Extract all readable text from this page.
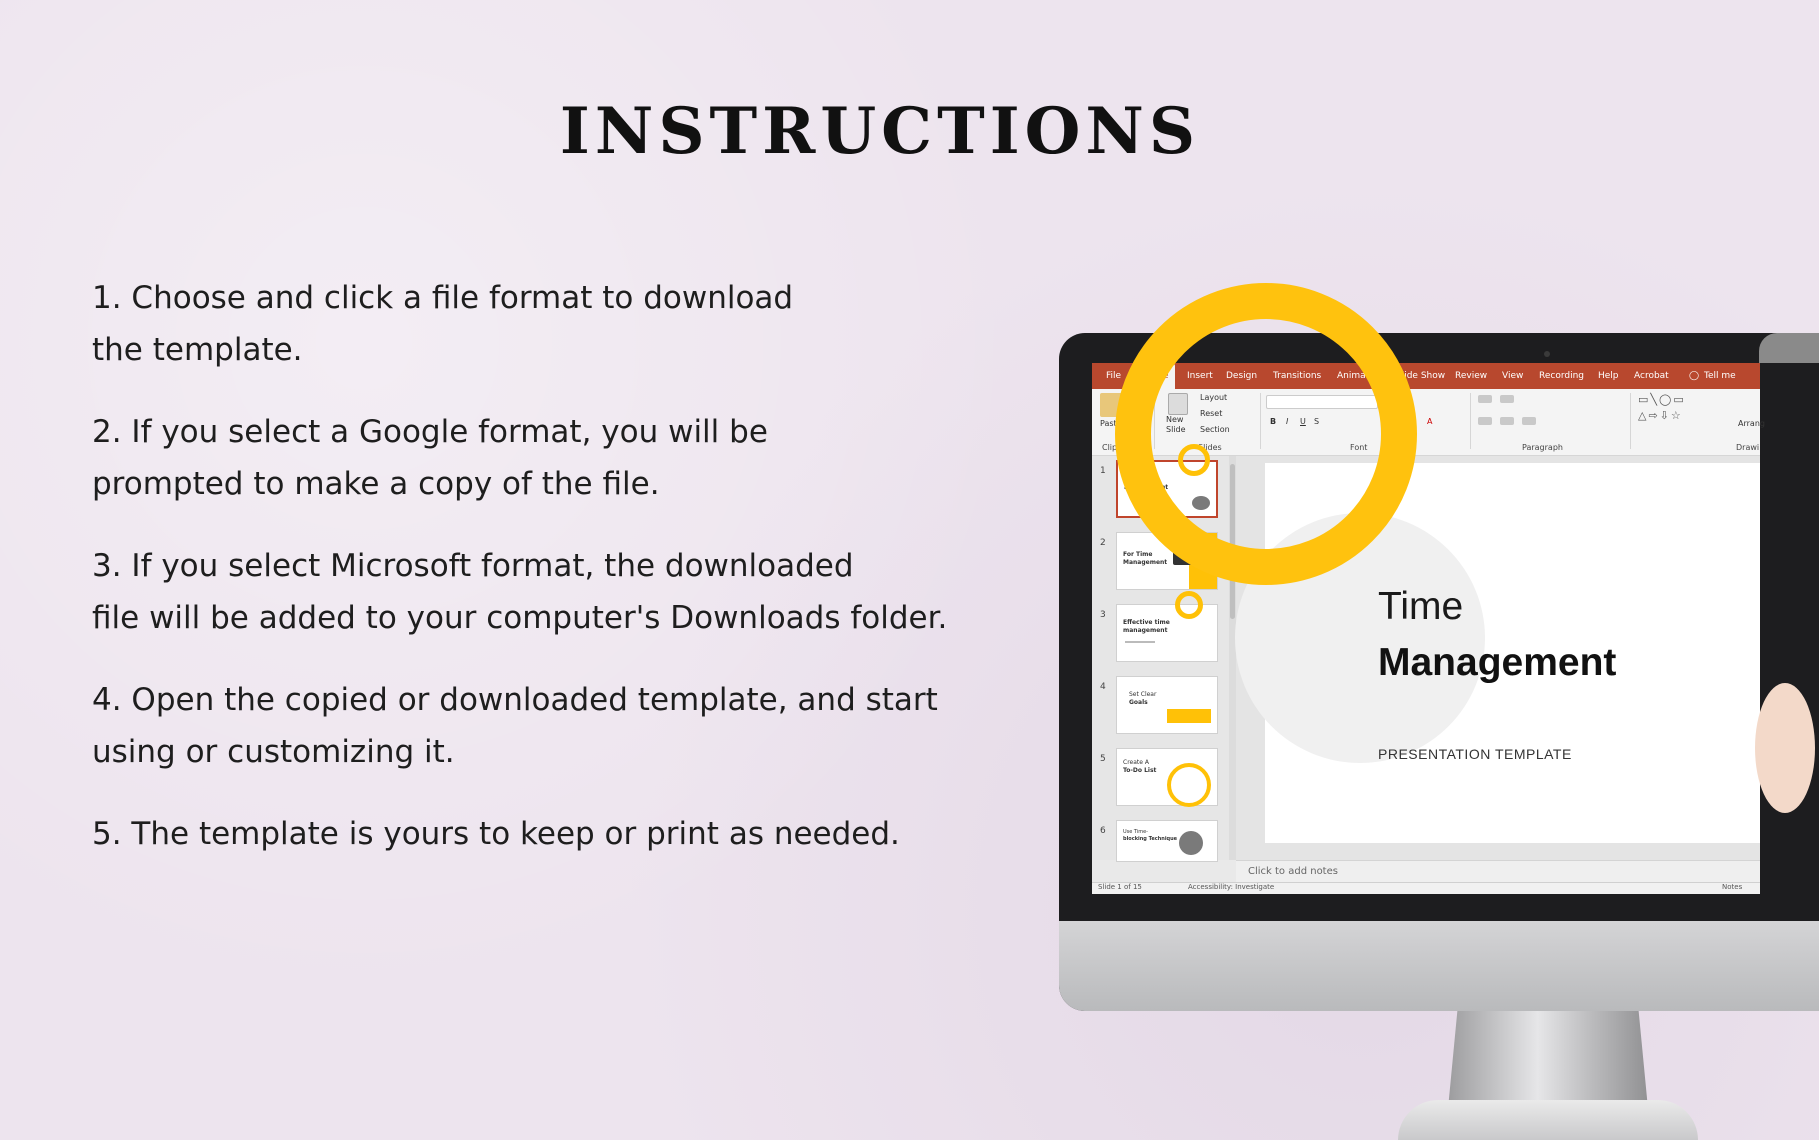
INSTRUCTIONS
1. Choose and click a file format to download
the template.
2. If you select a Google format, you will be
prompted to make a copy of the file.
3. If you select Microsoft format, the downloaded
file will be added to your computer's Downloads folder.
4. Open the copied or downloaded template, and start
using or customizing it.
5. The template is yours to keep or print as needed.
File	Home	Insert Design Transitions Animations Slide Show Review View Recording Help Acrobat ◯ Tell me
Paste
Clipboard
New
Slide
Layout
Reset
Section
Slides
B I U S	A
Font	Paragraph
▭╲◯▭
△⇨⇩☆
Arrang
Drawi
1
Time
Management
2
For Time
Management
3
Effective time
management
4
Set Clear
Goals
5	Create A
To-Do List
6	Use Time-
blocking Technique
Time
Management
PRESENTATION TEMPLATE
Click to add notes
Slide 1 of 15	Accessibility: Investigate	Notes
